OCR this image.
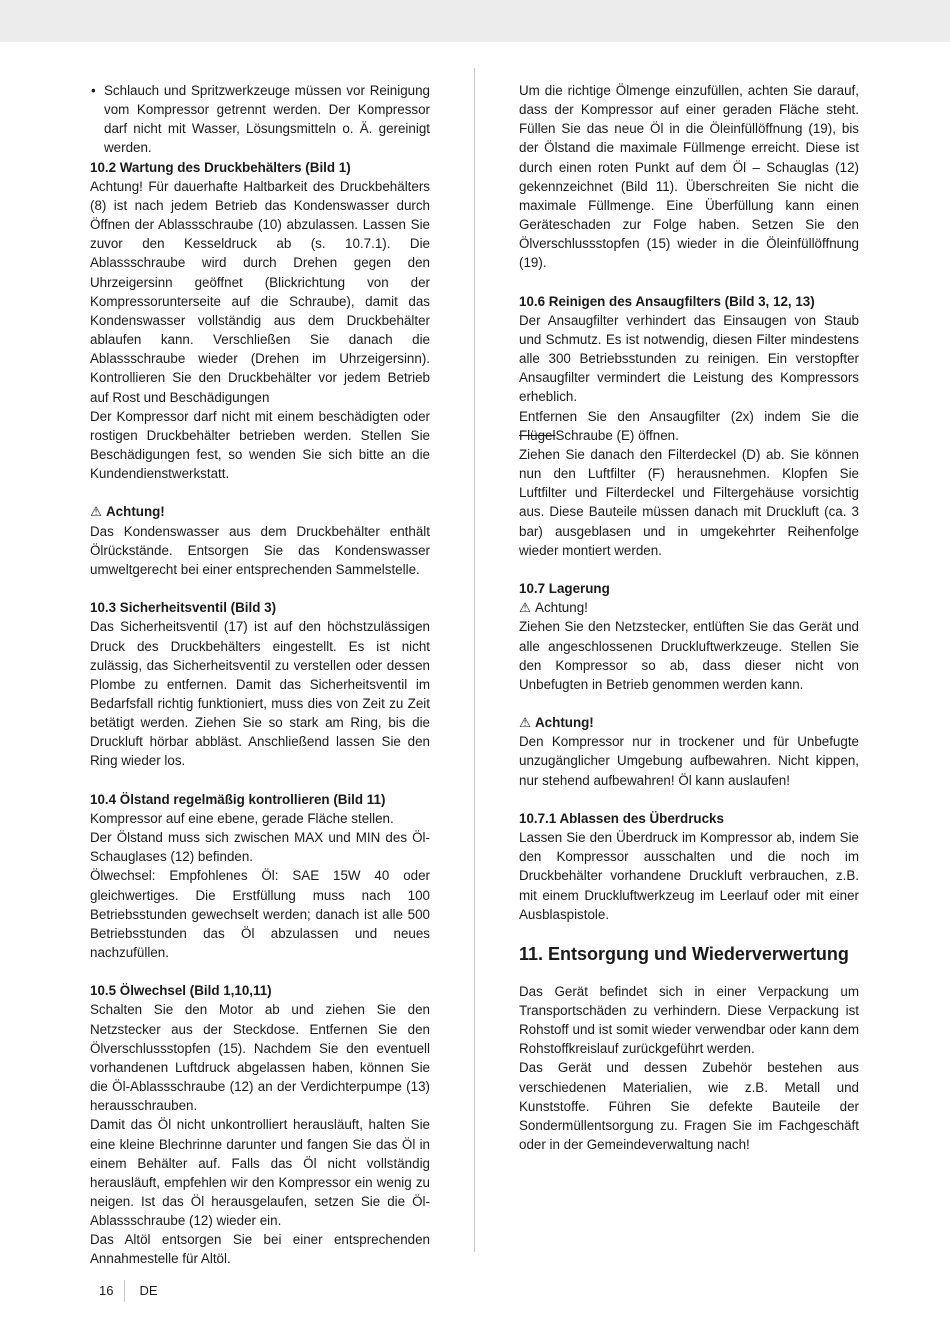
• Schlauch und Spritzwerkzeuge müssen vor Reinigung vom Kompressor getrennt werden. Der Kompressor darf nicht mit Wasser, Lösungsmitteln o. Ä. gereinigt werden.

10.2 Wartung des Druckbehälters (Bild 1)

Achtung! Für dauerhafte Haltbarkeit des Druckbehälters (8) ist nach jedem Betrieb das Kondenswasser durch Öffnen der Ablassschraube (10) abzulassen. Lassen Sie zuvor den Kesseldruck ab (s. 10.7.1). Die Ablassschraube wird durch Drehen gegen den Uhrzeigersinn geöffnet (Blickrichtung von der Kompressorunterseite auf die Schraube), damit das Kondenswasser vollständig aus dem Druckbehälter ablaufen kann. Verschließen Sie danach die Ablassschraube wieder (Drehen im Uhrzeigersinn). Kontrollieren Sie den Druckbehälter vor jedem Betrieb auf Rost und Beschädigungen

Der Kompressor darf nicht mit einem beschädigten oder rostigen Druckbehälter betrieben werden. Stellen Sie Beschädigungen fest, so wenden Sie sich bitte an die Kundendienstwerkstatt.

⚠ Achtung!

Das Kondenswasser aus dem Druckbehälter enthält Ölrückstände. Entsorgen Sie das Kondenswasser umweltgerecht bei einer entsprechenden Sammelstelle.

10.3 Sicherheitsventil (Bild 3)

Das Sicherheitsventil (17) ist auf den höchstzulässigen Druck des Druckbehälters eingestellt. Es ist nicht zulässig, das Sicherheitsventil zu verstellen oder dessen Plombe zu entfernen. Damit das Sicherheitsventil im Bedarfsfall richtig funktioniert, muss dies von Zeit zu Zeit betätigt werden. Ziehen Sie so stark am Ring, bis die Druckluft hörbar abbläst. Anschließend lassen Sie den Ring wieder los.

10.4 Ölstand regelmäßig kontrollieren (Bild 11)

Kompressor auf eine ebene, gerade Fläche stellen.

Der Ölstand muss sich zwischen MAX und MIN des Öl-Schauglases (12) befinden.

Ölwechsel: Empfohlenes Öl: SAE 15W 40 oder gleichwertiges. Die Erstfüllung muss nach 100 Betriebsstunden gewechselt werden; danach ist alle 500 Betriebsstunden das Öl abzulassen und neues nachzufüllen.

10.5 Ölwechsel (Bild 1,10,11)

Schalten Sie den Motor ab und ziehen Sie den Netzstecker aus der Steckdose. Entfernen Sie den Ölverschlussstopfen (15). Nachdem Sie den eventuell vorhandenen Luftdruck abgelassen haben, können Sie die Öl-Ablassschraube (12) an der Verdichterpumpe (13) herausschrauben.

Damit das Öl nicht unkontrolliert herausläuft, halten Sie eine kleine Blechrinne darunter und fangen Sie das Öl in einem Behälter auf. Falls das Öl nicht vollständig herausläuft, empfehlen wir den Kompressor ein wenig zu neigen. Ist das Öl herausgelaufen, setzen Sie die Öl-Ablassschraube (12) wieder ein.

Das Altöl entsorgen Sie bei einer entsprechenden Annahmestelle für Altöl.

Um die richtige Ölmenge einzufüllen, achten Sie darauf, dass der Kompressor auf einer geraden Fläche steht. Füllen Sie das neue Öl in die Öleinfüllöffnung (19), bis der Ölstand die maximale Füllmenge erreicht. Diese ist durch einen roten Punkt auf dem Öl – Schauglas (12) gekennzeichnet (Bild 11). Überschreiten Sie nicht die maximale Füllmenge. Eine Überfüllung kann einen Geräteschaden zur Folge haben. Setzen Sie den Ölverschlussstopfen (15) wieder in die Öleinfüllöffnung (19).

10.6 Reinigen des Ansaugfilters (Bild 3, 12, 13)

Der Ansaugfilter verhindert das Einsaugen von Staub und Schmutz. Es ist notwendig, diesen Filter mindestens alle 300 Betriebsstunden zu reinigen. Ein verstopfter Ansaugfilter vermindert die Leistung des Kompressors erheblich.

Entfernen Sie den Ansaugfilter (2x) indem Sie die FlügelSchraube (E) öffnen.

Ziehen Sie danach den Filterdeckel (D) ab. Sie können nun den Luftfilter (F) herausnehmen. Klopfen Sie Luftfilter und Filterdeckel und Filtergehäuse vorsichtig aus. Diese Bauteile müssen danach mit Druckluft (ca. 3 bar) ausgeblasen und in umgekehrter Reihenfolge wieder montiert werden.

10.7 Lagerung

⚠ Achtung!

Ziehen Sie den Netzstecker, entlüften Sie das Gerät und alle angeschlossenen Druckluftwerkzeuge. Stellen Sie den Kompressor so ab, dass dieser nicht von Unbefugten in Betrieb genommen werden kann.

⚠ Achtung!

Den Kompressor nur in trockener und für Unbefugte unzugänglicher Umgebung aufbewahren. Nicht kippen, nur stehend aufbewahren! Öl kann auslaufen!

10.7.1 Ablassen des Überdrucks

Lassen Sie den Überdruck im Kompressor ab, indem Sie den Kompressor ausschalten und die noch im Druckbehälter vorhandene Druckluft verbrauchen, z.B. mit einem Druckluftwerkzeug im Leerlauf oder mit einer Ausblaspistole.

11. Entsorgung und Wiederverwertung

Das Gerät befindet sich in einer Verpackung um Transportschäden zu verhindern. Diese Verpackung ist Rohstoff und ist somit wieder verwendbar oder kann dem Rohstoffkreislauf zurückgeführt werden.

Das Gerät und dessen Zubehör bestehen aus verschiedenen Materialien, wie z.B. Metall und Kunststoffe. Führen Sie defekte Bauteile der Sondermüllentsorgung zu. Fragen Sie im Fachgeschäft oder in der Gemeindeverwaltung nach!

16 DE
